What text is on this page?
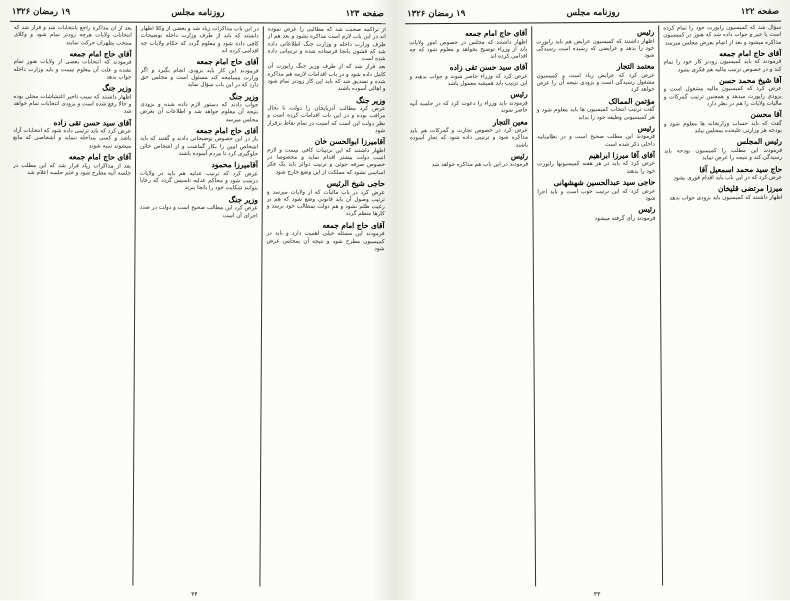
صفحه ۱۲۳
روزنامه مجلس
۱۹ رمضان ۱۳۲۶

از تراکمه صحبت شد که مطالبی را عرض نموده اند در این باب لازم است مذاکره بشود و بعد هم از طرف وزارت داخله و وزارت جنگ اطلاعاتی داده شد که قشون بانجا فرستاده شده و ترتیباتی داده شده است

بعد قرار شد که از طرف وزیر جنگ راپورت آن کامل داده شود و در باب اقدامات لازمه هم مذاکره شده و تصدیق شد که باید این کار زودتر تمام شود و اهالی آسوده باشند

وزیر جنگ

عرض کرد مطالب آذربایجان را دولت تا بحال مراقب بوده و در این باب اقدامات کرده است و نظر دولت این است که امنیت در تمام نقاط برقرار شود

آقامیرزا ابوالحسن خان

اظهار داشتند که این ترتیبات کافی نیست و لازم است دولت بیشتر اقدام نماید و مخصوصا در خصوص صرفه جوئی و ترتیب دوائر باید یک فکر اساسی بشود که مملکت از این وضع خارج شود

حاجی شیخ الرئیس

عرض کرد در باب مالیات که از ولایات میرسد و ترتیب وصول آن باید قانونی وضع شود که هم بر رعیت ظلم نشود و هم دولت بمطالب خود برسد و کارها منظم گردد

آقای حاج امام جمعه

فرمودند این مسئله خیلی اهمیت دارد و باید در کمیسیون مطرح شود و نتیجه آن بمجلس عرض شود

در این باب مذاکرات زیاد شد و بعضی از وکلا اظهار داشتند که باید از طرف وزارت داخله توضیحات کافی داده شود و معلوم گردد که حکام ولایات چه اقدامی کرده اند

آقای حاج امام جمعه

فرمودند این کار باید بزودی انجام بگیرد و اگر وزارت مسامحه کند مسئول است و مجلس حق دارد که در این باب سؤال نماید

وزیر جنگ

جواب دادند که دستور لازم داده شده و بزودی نتیجه آن معلوم خواهد شد و اطلاعات آن بعرض مجلس میرسد

آقای حاج امام جمعه

باز در این خصوص توضیحاتی دادند و گفتند که باید اشخاص امین را بکار گماشت و از اشخاص خائن جلوگیری کرد تا مردم آسوده باشند

آقامیرزا محمود

عرض کرد که ترتیب عدلیه هم باید در ولایات درست شود و محاکم عدلیه تاسیس گردد که رعایا بتوانند شکایت خود را بانجا ببرند

وزیر جنگ

عرض کرد این مطالب صحیح است و دولت در صدد اجرای آن است

بعد از آن مذاکره راجع بانتخابات شد و قرار شد که انتخابات ولایات هرچه زودتر تمام شود و وکلای منتخب بطهران حرکت نمایند

آقای حاج امام جمعه

فرمودند که انتخابات بعضی از ولایات هنوز تمام نشده و علت آن معلوم نیست و باید وزارت داخله جواب بدهد

وزیر جنگ

اظهار داشتند که سبب تاخیر اغتشاشات محلی بوده و حالا رفع شده است و بزودی انتخابات تمام خواهد شد

آقای سید حسن تقی زاده

عرض کرد که باید ترتیبی داده شود که انتخابات آزاد باشد و کسی مداخله ننماید و اشخاصی که مانع میشوند تنبیه شوند

آقای حاج امام جمعه

بعد از مذاکرات زیاد قرار شد که این مطلب در جلسه آتیه مطرح شود و ختم جلسه اعلام شد

۳۴
صفحه ۱۲۲
روزنامه مجلس
۱۹ رمضان ۱۳۲۶

سؤال شد که کمیسیون راپورت خود را تمام کرده است یا خیر و جواب داده شد که هنوز در کمیسیون مذاکره میشود و بعد از اتمام بعرض مجلس میرسد

آقای حاج امام جمعه

فرمودند که باید کمیسیون زودتر کار خود را تمام کند و در خصوص ترتیب مالیه هم فکری بشود

آقا شیخ محمد حسن

عرض کرد که کمیسیون مالیه مشغول است و بزودی راپورت میدهد و همچنین ترتیب گمرکات و مالیات ولایات را هم در نظر دارد

آقا محسن

گفت که باید حساب وزارتخانه ها معلوم شود و بودجه هر وزارتی علیحده بمجلس بیاید

رئیس المجلس

فرمودند این مطلب را کمیسیون بودجه باید رسیدگی کند و نتیجه را عرض نماید

حاج سید محمد اسمعیل آقا

عرض کرد که در این باب باید اقدام فوری بشود

میرزا مرتضی قلیخان

اظهار داشتند که کمیسیون باید بزودی جواب بدهد

رئیس

اظهار داشتند که کمیسیون عرایض هم باید راپورت خود را بدهد و عرایضی که رسیده است رسیدگی شود

معتمد التجار

عرض کرد که عرایض زیاد است و کمیسیون مشغول رسیدگی است و بزودی نتیجه آن را عرض خواهد کرد

مؤتمن الممالک

گفت ترتیب انتخاب کمیسیون ها باید معلوم شود و هر کمیسیونی وظیفه خود را بداند

رئیس

فرمودند این مطلب صحیح است و در نظامنامه داخلی ذکر شده است

آقای آقا میرزا ابراهیم

عرض کرد که باید در هر هفته کمیسیونها راپورت خود را بدهند

حاجی سید عبدالحسین شهشهانی

عرض کرد که این ترتیب خوب است و باید اجرا شود

رئیس

فرمودند رأی گرفته میشود

آقای حاج امام جمعه

اظهار داشتند که مجلس در خصوص امور ولایات باید از وزراء توضیح بخواهد و معلوم شود که چه اقدامی کرده اند

آقای سید حسن تقی زاده

عرض کرد که وزراء حاضر شوند و جواب بدهند و این ترتیب باید همیشه معمول باشد

رئیس

فرمودند باید وزراء را دعوت کرد که در جلسه آتیه حاضر شوند

معین التجار

عرض کرد در خصوص تجارت و گمرکات هم باید مذاکره شود و ترتیبی داده شود که تجار آسوده باشند

رئیس

فرمودند در این باب هم مذاکره خواهد شد

۳۳
